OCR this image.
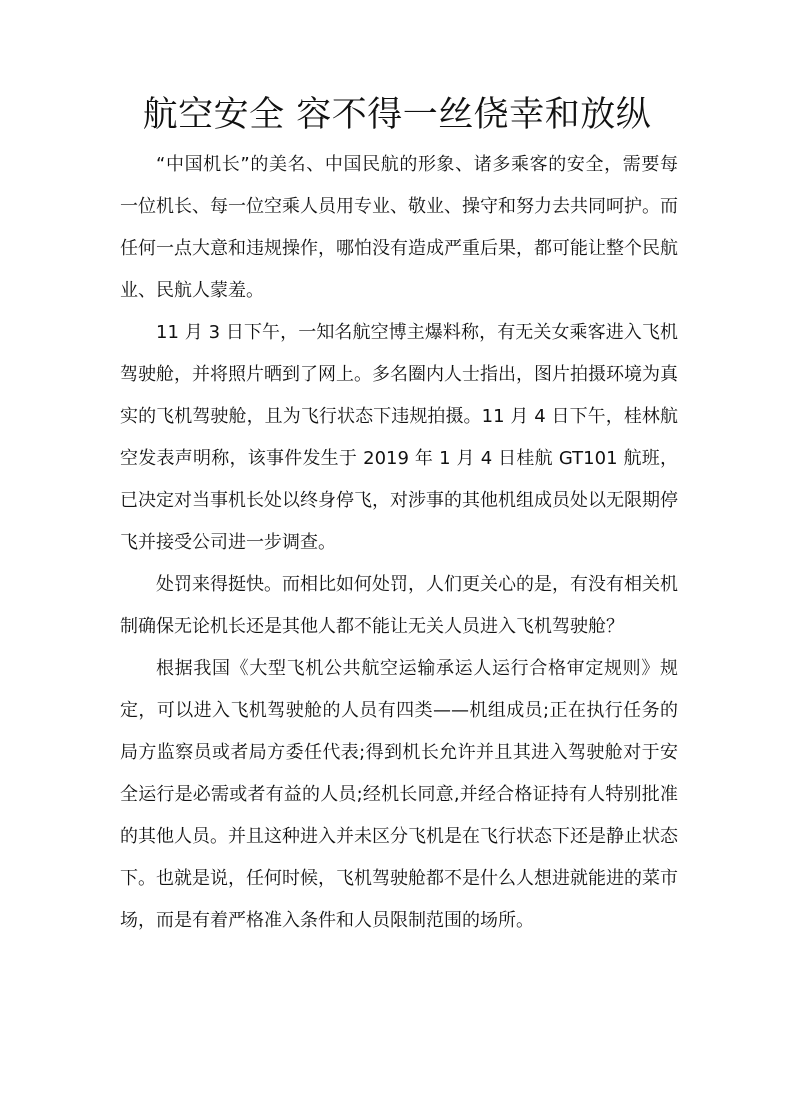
航空安全 容不得一丝侥幸和放纵

“中国机长”的美名、中国民航的形象、诸多乘客的安全，需要每一位机长、每一位空乘人员用专业、敬业、操守和努力去共同呵护。而任何一点大意和违规操作，哪怕没有造成严重后果，都可能让整个民航业、民航人蒙羞。

11 月 3 日下午，一知名航空博主爆料称，有无关女乘客进入飞机驾驶舱，并将照片晒到了网上。多名圈内人士指出，图片拍摄环境为真实的飞机驾驶舱，且为飞行状态下违规拍摄。11 月 4 日下午，桂林航空发表声明称，该事件发生于 2019 年 1 月 4 日桂航 GT101 航班，已决定对当事机长处以终身停飞，对涉事的其他机组成员处以无限期停飞并接受公司进一步调查。

处罚来得挺快。而相比如何处罚，人们更关心的是，有没有相关机制确保无论机长还是其他人都不能让无关人员进入飞机驾驶舱？

根据我国《大型飞机公共航空运输承运人运行合格审定规则》规定，可以进入飞机驾驶舱的人员有四类——机组成员;正在执行任务的局方监察员或者局方委任代表;得到机长允许并且其进入驾驶舱对于安全运行是必需或者有益的人员;经机长同意,并经合格证持有人特别批准的其他人员。并且这种进入并未区分飞机是在飞行状态下还是静止状态下。也就是说，任何时候，飞机驾驶舱都不是什么人想进就能进的菜市场，而是有着严格准入条件和人员限制范围的场所。
